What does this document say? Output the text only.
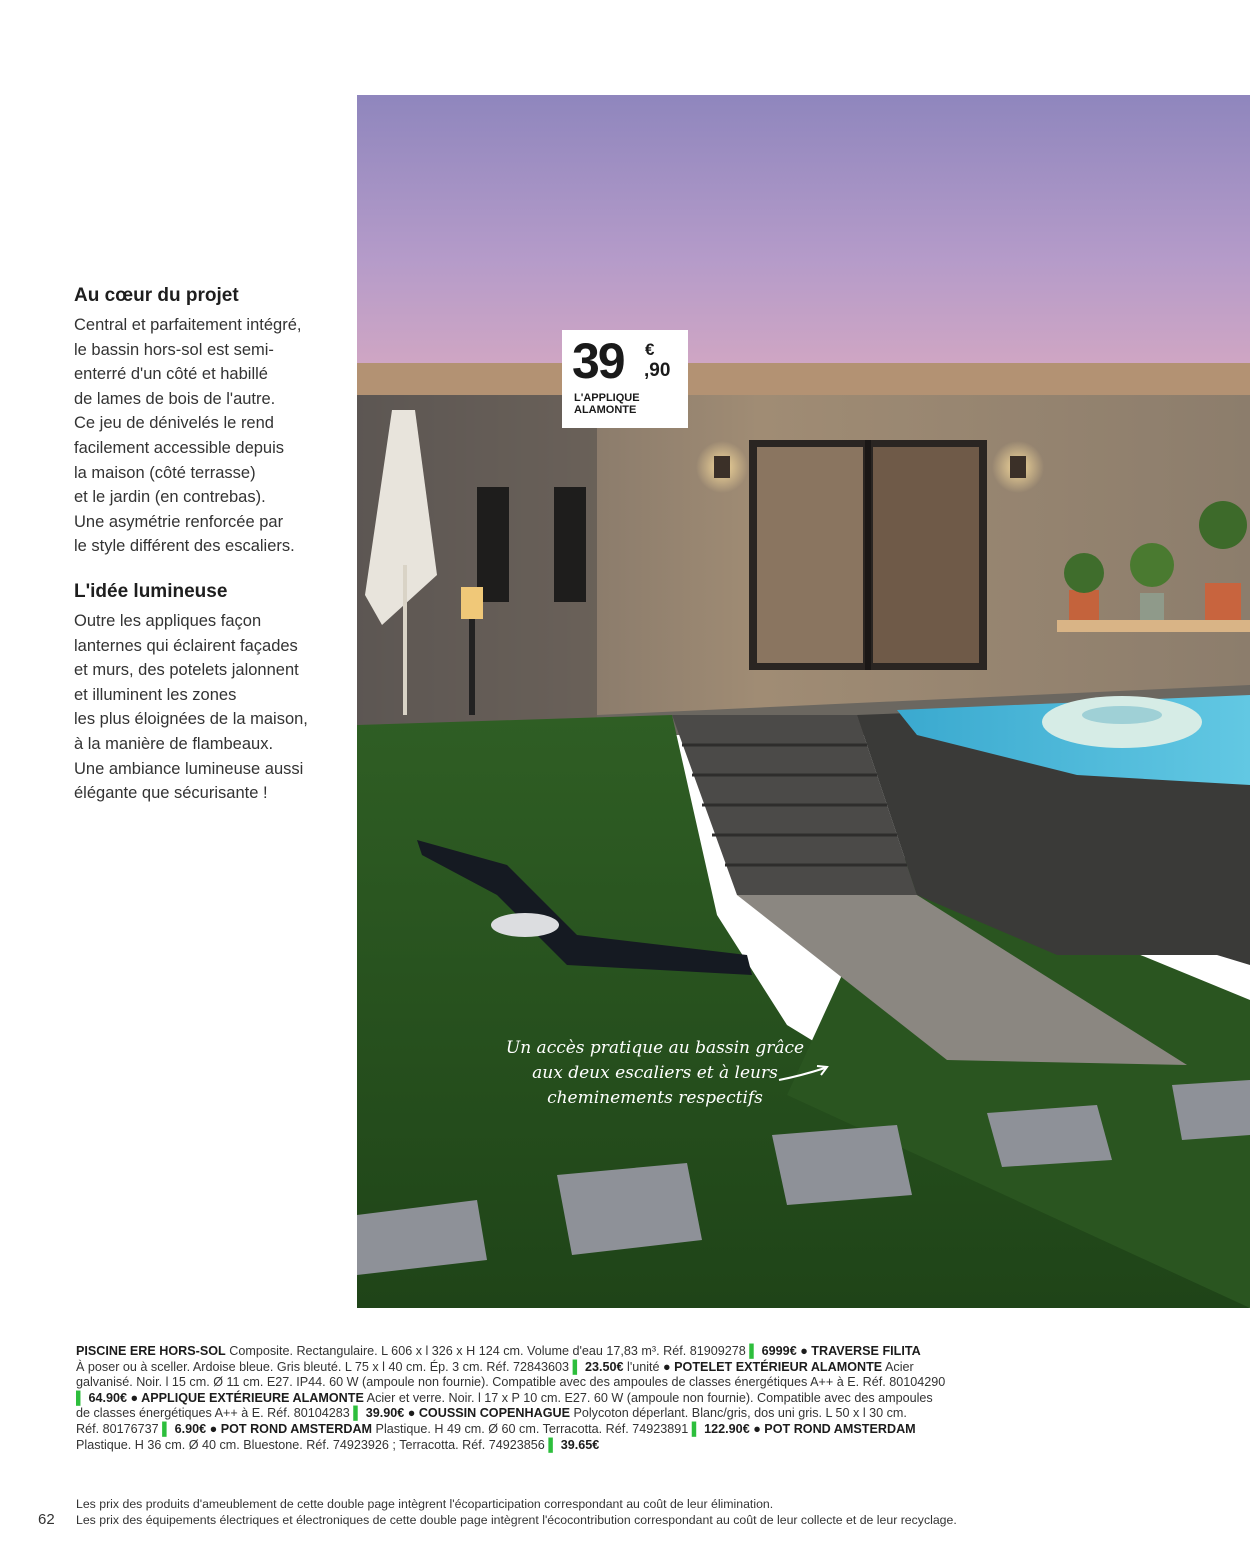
Au cœur du projet

Central et parfaitement intégré,
le bassin hors-sol est semi-
enterré d'un côté et habillé
de lames de bois de l'autre.
Ce jeu de dénivelés le rend
facilement accessible depuis
la maison (côté terrasse)
et le jardin (en contrebas).
Une asymétrie renforcée par
le style différent des escaliers.

L'idée lumineuse

Outre les appliques façon
lanternes qui éclairent façades
et murs, des potelets jalonnent
et illuminent les zones
les plus éloignées de la maison,
à la manière de flambeaux.
Une ambiance lumineuse aussi
élégante que sécurisante !

39 €
,90
L'APPLIQUE
ALAMONTE
Un accès pratique au bassin grâce
aux deux escaliers et à leurs
cheminements respectifs
PISCINE ERE HORS-SOL Composite. Rectangulaire. L 606 x l 326 x H 124 cm. Volume d'eau 17,83 m³. Réf. 81909278 ▌ 6999€ ● TRAVERSE FILITA
À poser ou à sceller. Ardoise bleue. Gris bleuté. L 75 x l 40 cm. Ép. 3 cm. Réf. 72843603 ▌ 23.50€ l'unité ● POTELET EXTÉRIEUR ALAMONTE Acier
galvanisé. Noir. l 15 cm. Ø 11 cm. E27. IP44. 60 W (ampoule non fournie). Compatible avec des ampoules de classes énergétiques A++ à E. Réf. 80104290
▌ 64.90€ ● APPLIQUE EXTÉRIEURE ALAMONTE Acier et verre. Noir. l 17 x P 10 cm. E27. 60 W (ampoule non fournie). Compatible avec des ampoules
de classes énergétiques A++ à E. Réf. 80104283 ▌ 39.90€ ● COUSSIN COPENHAGUE Polycoton déperlant. Blanc/gris, dos uni gris. L 50 x l 30 cm.
Réf. 80176737 ▌ 6.90€ ● POT ROND AMSTERDAM Plastique. H 49 cm. Ø 60 cm. Terracotta. Réf. 74923891 ▌ 122.90€ ● POT ROND AMSTERDAM
Plastique. H 36 cm. Ø 40 cm. Bluestone. Réf. 74923926 ; Terracotta. Réf. 74923856 ▌ 39.65€
62
Les prix des produits d'ameublement de cette double page intègrent l'écoparticipation correspondant au coût de leur élimination.
Les prix des équipements électriques et électroniques de cette double page intègrent l'écocontribution correspondant au coût de leur collecte et de leur recyclage.
